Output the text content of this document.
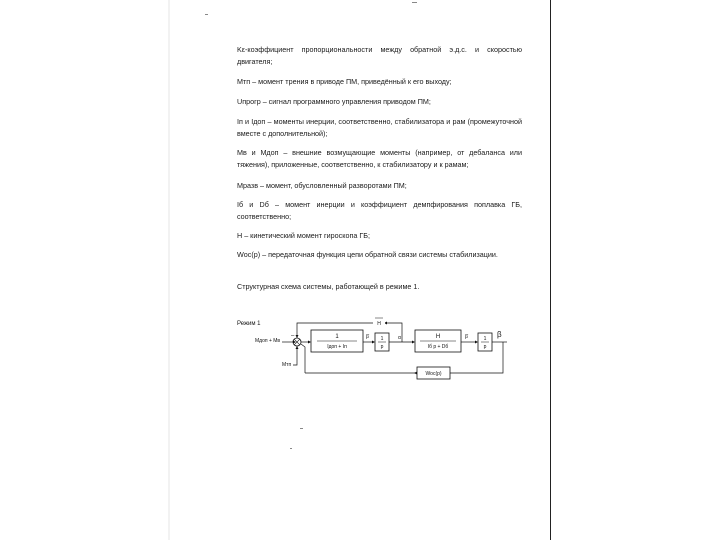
Kε-коэффициент пропорциональности между обратной э.д.с. и скоростью двигателя;
Мтп – момент трения в приводе ПМ, приведённый к его выходу;
Uпрогр – сигнал программного управления приводом ПМ;
Iп и Iдоп – моменты инерции, соответственно, стабилизатора и рам (промежуточной вместе с дополнительной);
Мв и Мдоп – внешние возмущающие моменты (например, от дебаланса или тяжения), приложенные, соответственно, к стабилизатору и к рамам;
Мразв – момент, обусловленный разворотами ПМ;
Iб и Dб – момент инерции и коэффициент демпфирования поплавка ГБ, соответственно;
Н – кинетический момент гироскопа ГБ;
Wос(р) – передаточная функция цепи обратной связи системы стабилизации.
Структурная схема системы, работающей в режиме 1.
Режим 1
Мдоп + Мв
Мтп
–	1
Iдоп + Iп
β̇ 1
p
α	H
Iб p + Dб
β̇	1
p
β
H
Wос(р)
